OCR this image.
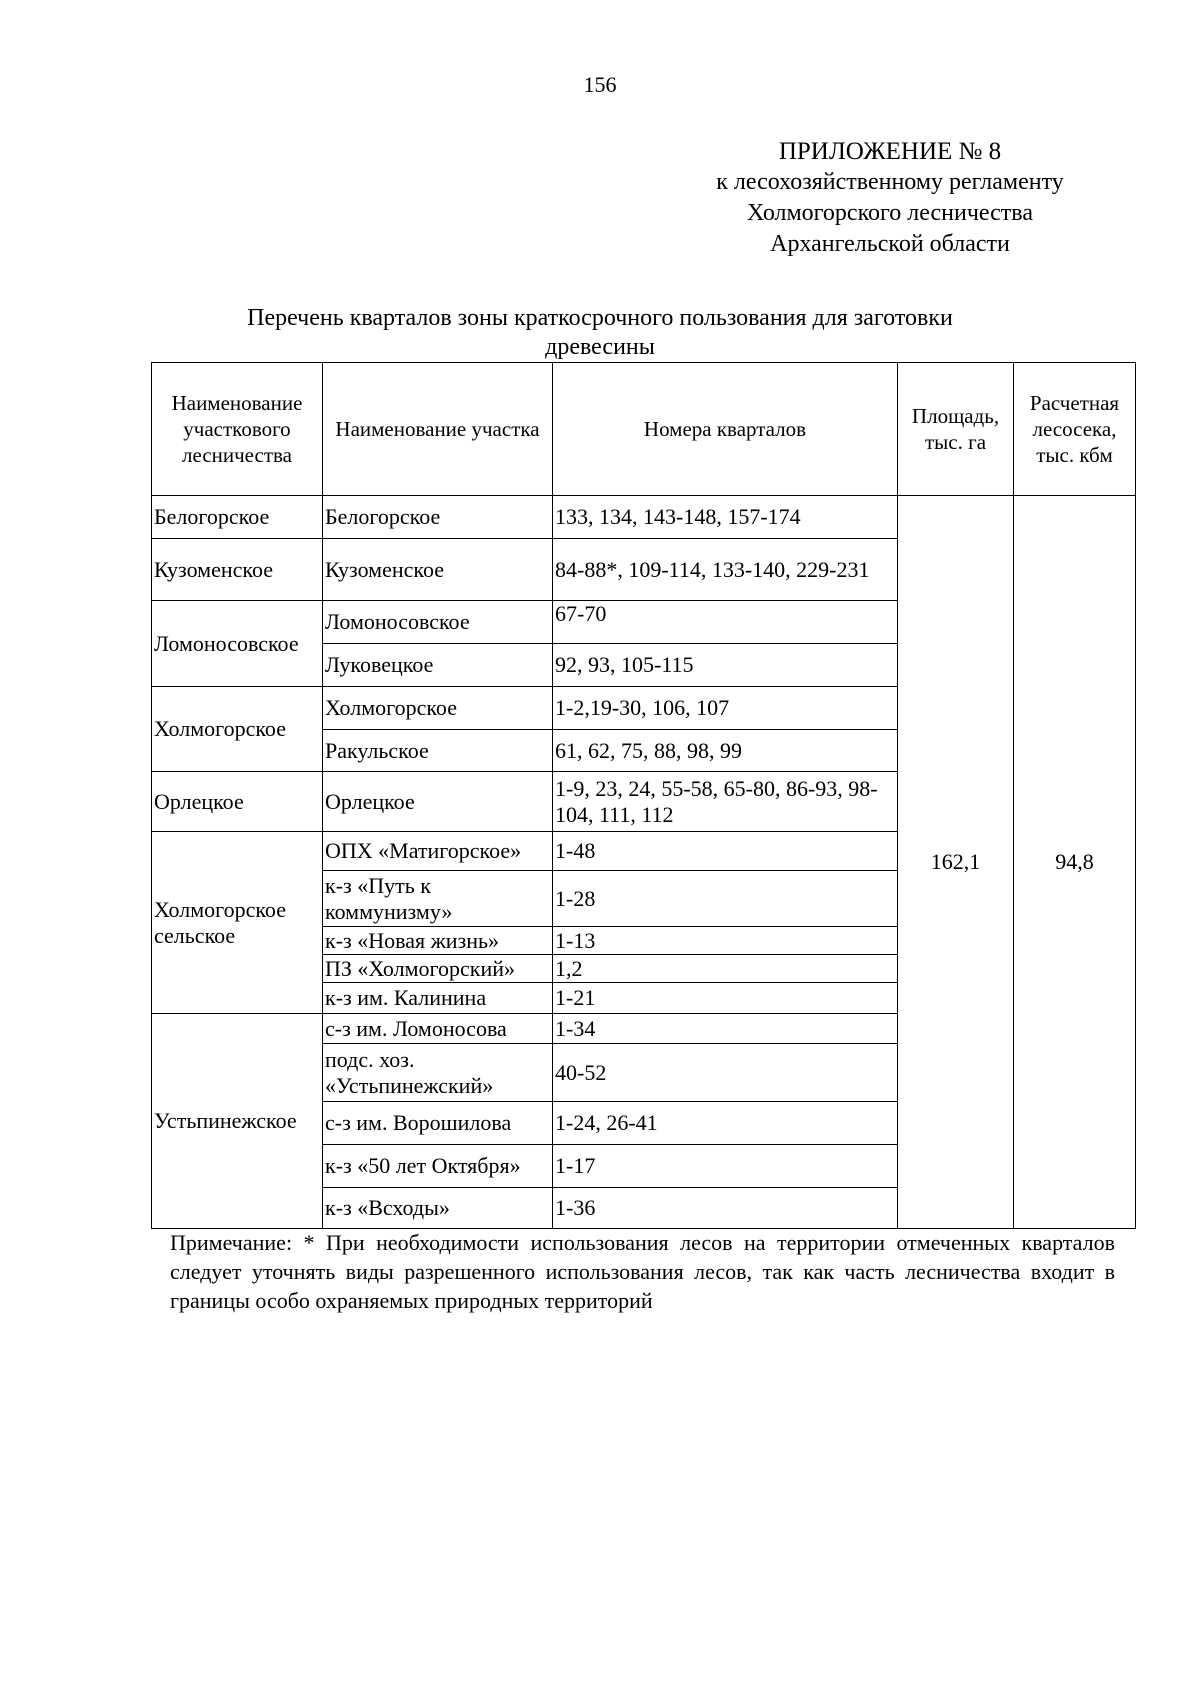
156
ПРИЛОЖЕНИЕ № 8
к лесохозяйственному регламенту
Холмогорского лесничества
Архангельской области
Перечень кварталов зоны краткосрочного пользования для заготовки
древесины
Наименование участкового лесничества	Наименование участка	Номера кварталов	Площадь, тыс. га	Расчетная лесосека, тыс. кбм
Белогорское	Белогорское	133, 134, 143-148, 157-174	162,1	94,8
Кузоменское	Кузоменское	84-88*, 109-114, 133-140, 229-231		
Ломоносовское	Ломоносовское	67-70		
	Луковецкое	92, 93, 105-115		
Холмогорское	Холмогорское	1-2,19-30, 106, 107		
	Ракульское	61, 62, 75, 88, 98, 99		
Орлецкое	Орлецкое	1-9, 23, 24, 55-58, 65-80, 86-93, 98-104, 111, 112		
Холмогорское сельское	ОПХ «Матигорское»	1-48		
	к-з «Путь к коммунизму»	1-28		
	к-з «Новая жизнь»	1-13		
	ПЗ «Холмогорский»	1,2		
	к-з им. Калинина	1-21		
Устьпинежское	с-з им. Ломоносова	1-34		
	подс. хоз. «Устьпинежский»	40-52		
	с-з им. Ворошилова	1-24, 26-41		
	к-з «50 лет Октября»	1-17		
	к-з «Всходы»	1-36		
Примечание: * При необходимости использования лесов на территории отмеченных кварталов следует уточнять виды разрешенного использования лесов, так как часть лесничества входит в границы особо охраняемых природных территорий
